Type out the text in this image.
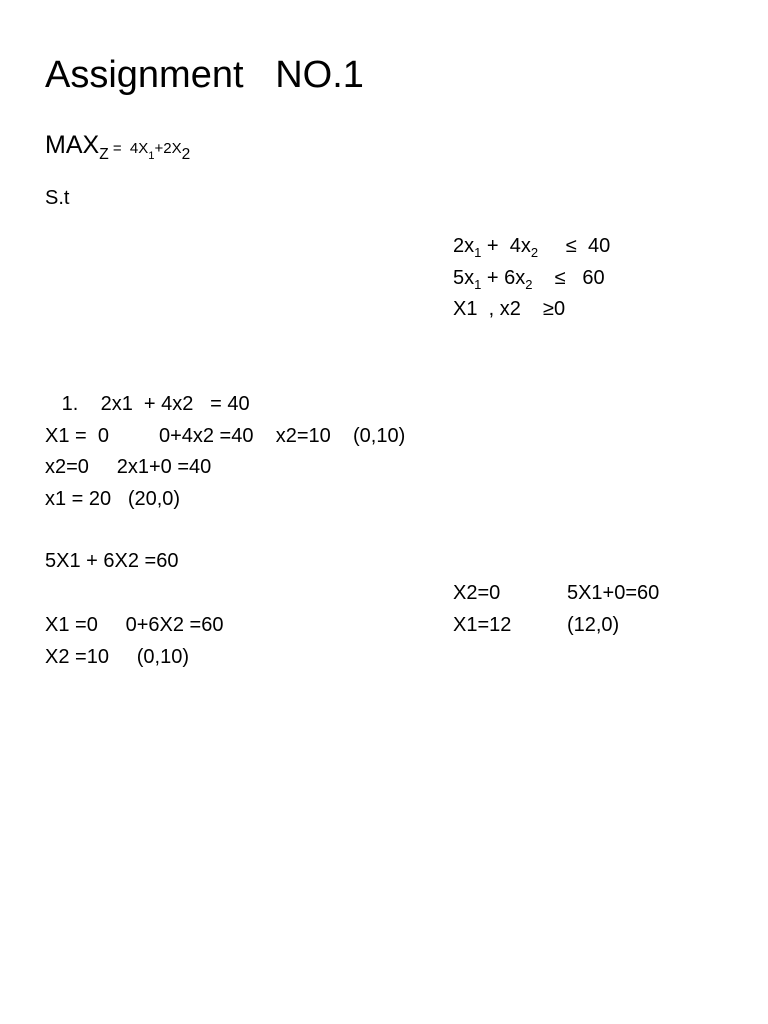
Assignment   NO.1
$MAX_Z = 4X_1+2X_2$
S.t
$2x_1 + 4x_2$     ≤  40
$5x_1 + 6x_2$    ≤   60
X1  , x2    ≥0
1.    2x1  + 4x2   = 40
X1 =  0         0+4x2 =40    x2=10    (0,10)
x2=0     2x1+0 =40
x1 = 20   (20,0)
5X1 + 6X2 =60
X1 =0     0+6X2 =60
X2 =10     (0,10)
X2=0            5X1+0=60
X1=12          (12,0)
